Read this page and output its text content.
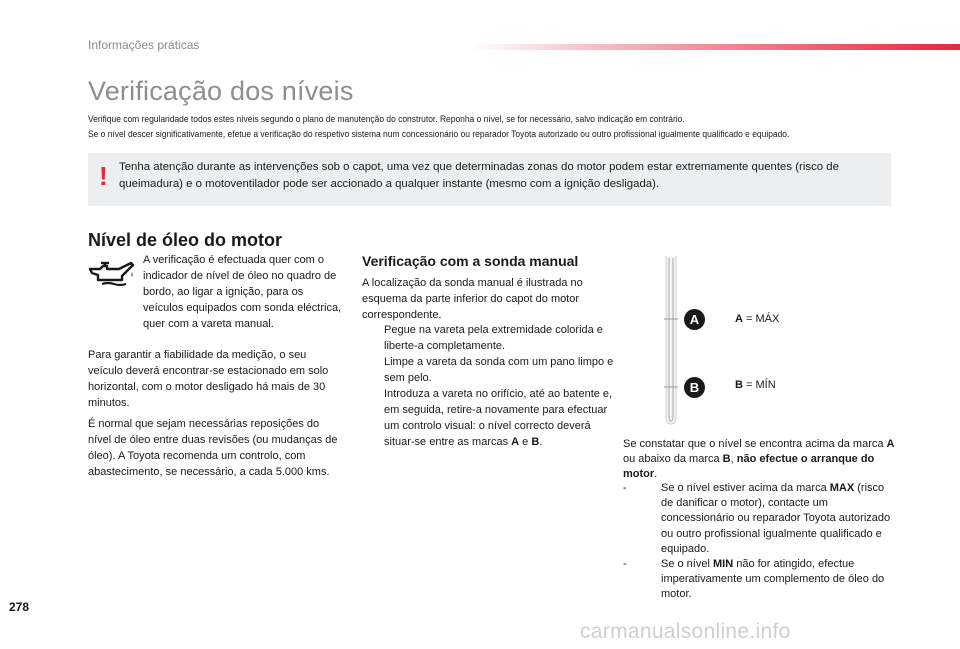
Informações práticas
Verificação dos níveis

Verifique com regularidade todos estes níveis segundo o plano de manutenção do construtor. Reponha o nível, se for necessário, salvo indicação em contrário.

Se o nível descer significativamente, efetue a verificação do respetivo sistema num concessionário ou reparador Toyota autorizado ou outro profissional igualmente qualificado e equipado.

! Tenha atenção durante as intervenções sob o capot, uma vez que determinadas zonas do motor podem estar extremamente quentes (risco de queimadura) e o motoventilador pode ser accionado a qualquer instante (mesmo com a ignição desligada).

Nível de óleo do motor

A verificação é efectuada quer com o indicador de nível de óleo no quadro de bordo, ao ligar a ignição, para os veículos equipados com sonda eléctrica, quer com a vareta manual.

Para garantir a fiabilidade da medição, o seu veículo deverá encontrar-se estacionado em solo horizontal, com o motor desligado há mais de 30 minutos.

É normal que sejam necessárias reposições do nível de óleo entre duas revisões (ou mudanças de óleo). A Toyota recomenda um controlo, com abastecimento, se necessário, a cada 5.000 kms.

Verificação com a sonda manual

A localização da sonda manual é ilustrada no esquema da parte inferior do capot do motor correspondente.

Pegue na vareta pela extremidade colorida e liberte-a completamente.
Limpe a vareta da sonda com um pano limpo e sem pelo.
Introduza a vareta no orifício, até ao batente e, em seguida, retire-a novamente para efectuar um controlo visual: o nível correcto deverá situar-se entre as marcas A e B.
A
B
A = MÁX
B = MÍN

Se constatar que o nível se encontra acima da marca A ou abaixo da marca B, não efectue o arranque do motor.

-	Se o nível estiver acima da marca MAX (risco de danificar o motor), contacte um concessionário ou reparador Toyota autorizado ou outro profissional igualmente qualificado e equipado.
-	Se o nível MIN não for atingido, efectue imperativamente um complemento de óleo do motor.
278
carmanualsonline.info
